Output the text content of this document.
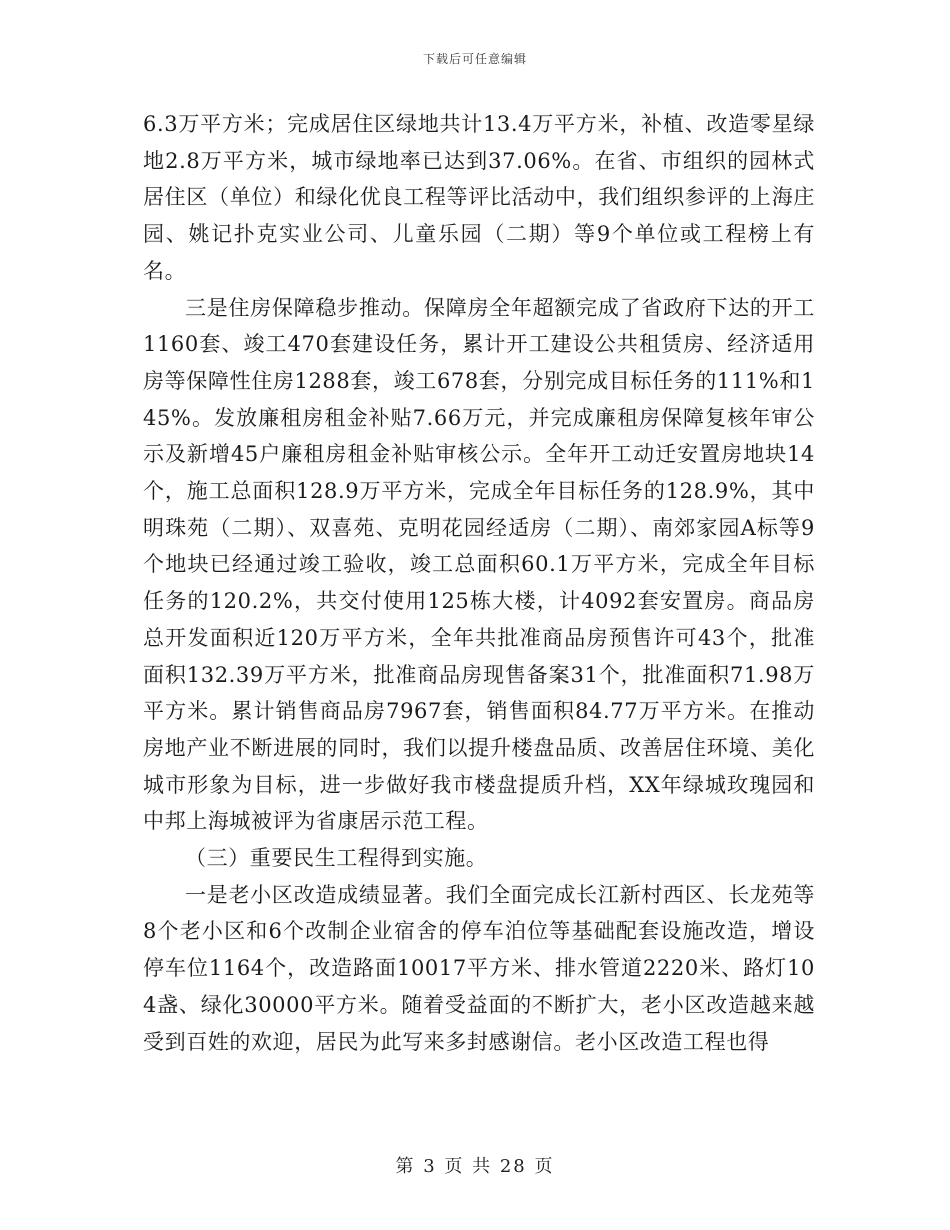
下载后可任意编辑

6.3万平方米；完成居住区绿地共计13.4万平方米，补植、改造零星绿地2.8万平方米，城市绿地率已达到37.06%。在省、市组织的园林式居住区（单位）和绿化优良工程等评比活动中，我们组织参评的上海庄园、姚记扑克实业公司、儿童乐园（二期）等9个单位或工程榜上有名。

三是住房保障稳步推动。保障房全年超额完成了省政府下达的开工1160套、竣工470套建设任务，累计开工建设公共租赁房、经济适用房等保障性住房1288套，竣工678套，分别完成目标任务的111%和145%。发放廉租房租金补贴7.66万元，并完成廉租房保障复核年审公示及新增45户廉租房租金补贴审核公示。全年开工动迁安置房地块14个，施工总面积128.9万平方米，完成全年目标任务的128.9%，其中明珠苑（二期）、双喜苑、克明花园经适房（二期）、南郊家园A标等9个地块已经通过竣工验收，竣工总面积60.1万平方米，完成全年目标任务的120.2%，共交付使用125栋大楼，计4092套安置房。商品房总开发面积近120万平方米，全年共批准商品房预售许可43个，批准面积132.39万平方米，批准商品房现售备案31个，批准面积71.98万平方米。累计销售商品房7967套，销售面积84.77万平方米。在推动房地产业不断进展的同时，我们以提升楼盘品质、改善居住环境、美化城市形象为目标，进一步做好我市楼盘提质升档，XX年绿城玫瑰园和中邦上海城被评为省康居示范工程。

（三）重要民生工程得到实施。

一是老小区改造成绩显著。我们全面完成长江新村西区、长龙苑等8个老小区和6个改制企业宿舍的停车泊位等基础配套设施改造，增设停车位1164个，改造路面10017平方米、排水管道2220米、路灯104盏、绿化30000平方米。随着受益面的不断扩大，老小区改造越来越受到百姓的欢迎，居民为此写来多封感谢信。老小区改造工程也得

第 3 页 共 28 页
